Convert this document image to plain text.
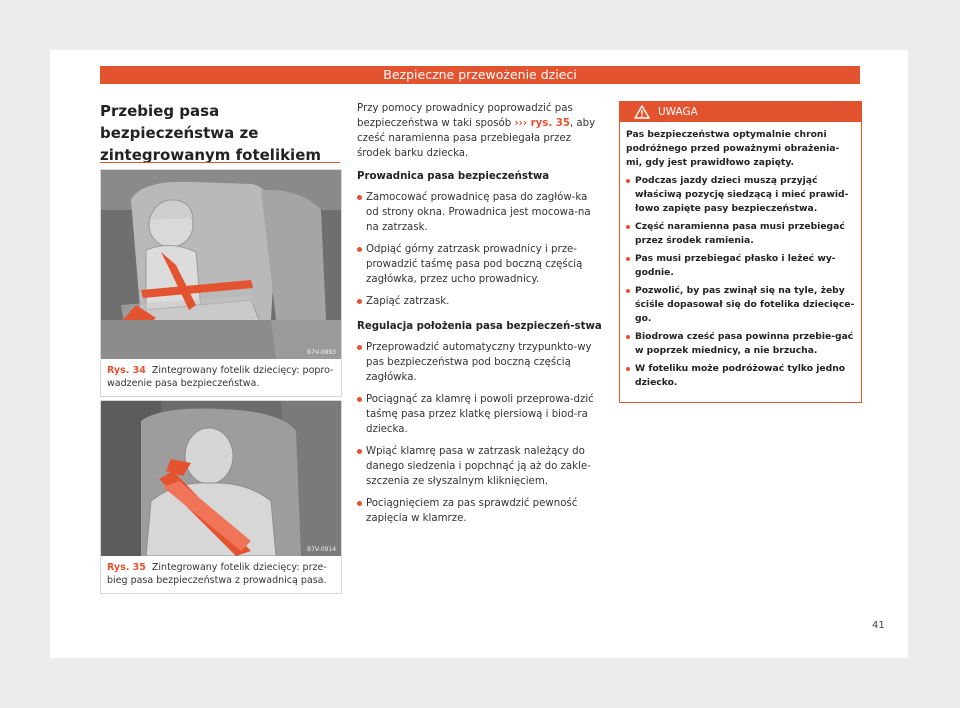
Bezpieczne przewożenie dzieci
Przebieg pasa bezpieczeństwa ze zintegrowanym fotelikiem
B7V-0893
Rys. 34 Zintegrowany fotelik dziecięcy: popro-wadzenie pasa bezpieczeństwa.
B7V-0914
Rys. 35 Zintegrowany fotelik dziecięcy: prze-bieg pasa bezpieczeństwa z prowadnicą pasa.

Przy pomocy prowadnicy poprowadzić pas bezpieczeństwa w taki sposób ››› rys. 35, aby cześć naramienna pasa przebiegała przez środek barku dziecka.

Prowadnica pasa bezpieczeństwa
Zamocować prowadnicę pasa do zagłów-ka od strony okna. Prowadnica jest mocowa-na na zatrzask.
Odpiąć górny zatrzask prowadnicy i prze-prowadzić taśmę pasa pod boczną częścią zagłówka, przez ucho prowadnicy.
Zapiąć zatrzask.
Regulacja położenia pasa bezpieczeń-stwa
Przeprowadzić automatyczny trzypunkto-wy pas bezpieczeństwa pod boczną częścią zagłówka.
Pociągnąć za klamrę i powoli przeprowa-dzić taśmę pasa przez klatkę piersiową i biod-ra dziecka.
Wpiąć klamrę pasa w zatrzask należący do danego siedzenia i popchnąć ją aż do zakle-szczenia ze słyszalnym kliknięciem.
Pociągnięciem za pas sprawdzić pewność zapięcia w klamrze.
UWAGA

Pas bezpieczeństwa optymalnie chroni podróżnego przed poważnymi obrażenia-mi, gdy jest prawidłowo zapięty.

Podczas jazdy dzieci muszą przyjąć właściwą pozycję siedzącą i mieć prawid-łowo zapięte pasy bezpieczeństwa.
Część naramienna pasa musi przebiegać przez środek ramienia.
Pas musi przebiegać płasko i leżeć wy-godnie.
Pozwolić, by pas zwinął się na tyle, żeby ściśle dopasował się do fotelika dziecięce-go.
Biodrowa cześć pasa powinna przebie-gać w poprzek miednicy, a nie brzucha.
W foteliku może podróżować tylko jedno dziecko.
41
